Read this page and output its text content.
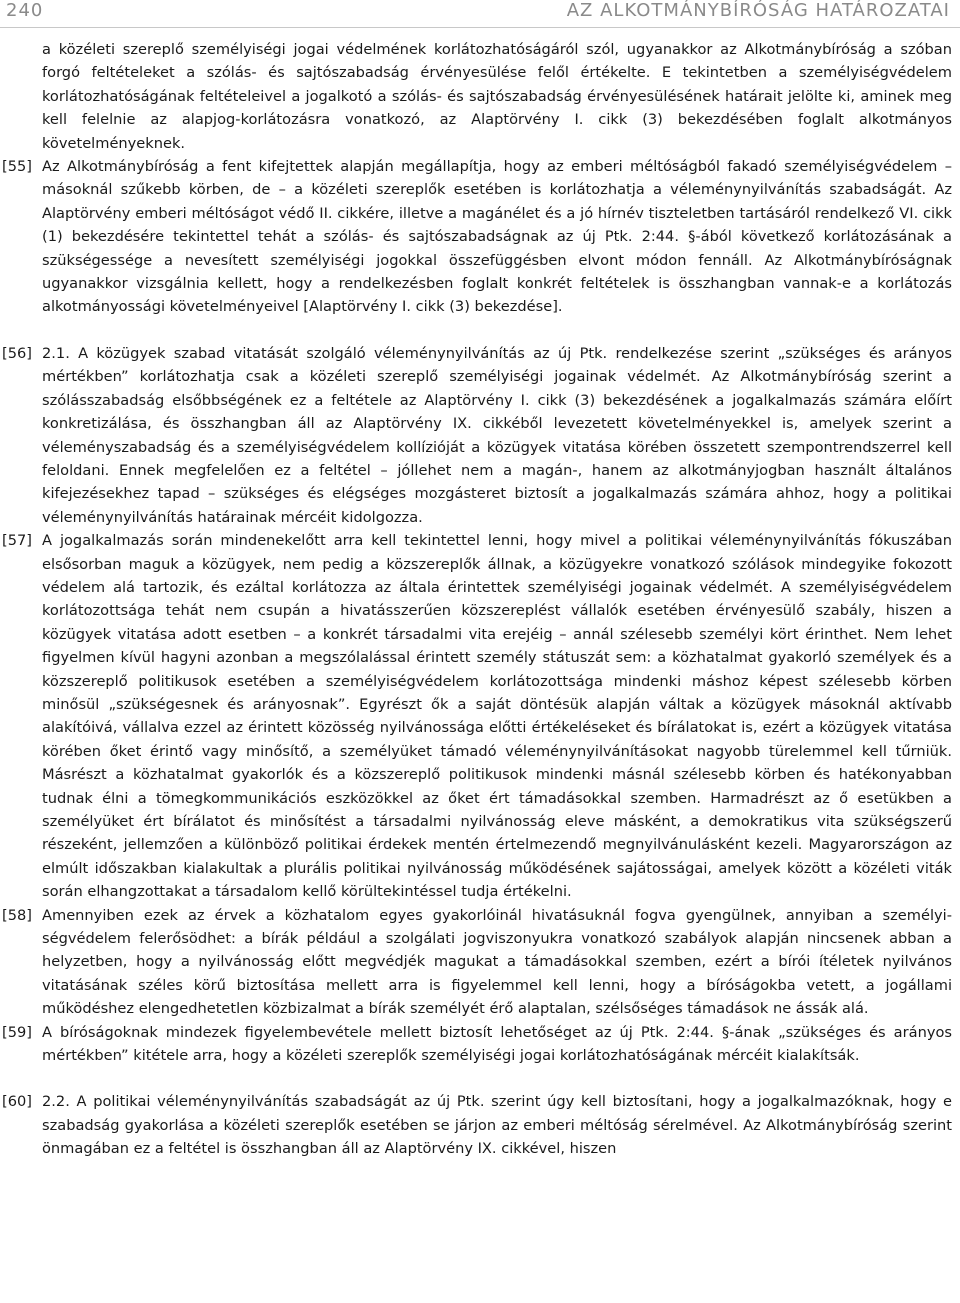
240	AZ ALKOTMÁNYBÍRÓSÁG HATÁROZATAI

a közéleti szereplő személyiségi jogai védelmének korlátozhatóságáról szól, ugyanakkor az Alkotmánybíróság a szóban forgó feltételeket a szólás- és sajtószabadság érvényesülése felől értékelte. E tekintetben a személyiségvédelem korlátozhatóságának feltételeivel a jogalkotó a szólás- és sajtószabadság érvényesülésének határait jelölte ki, aminek meg kell felelnie az alapjog-korlátozásra vonatkozó, az Alaptörvény I. cikk (3) bekezdésében foglalt alkotmányos követelményeknek.

[55] Az Alkotmánybíróság a fent kifejtettek alapján megállapítja, hogy az emberi méltóságból fakadó személyiségvédelem – másoknál szűkebb körben, de – a közéleti szereplők esetében is korlátozhatja a véleménynyilvánítás szabadságát. Az Alaptörvény emberi méltóságot védő II. cikkére, illetve a magánélet és a jó hírnév tiszteletben tartásáról rendelkező VI. cikk (1) bekezdésére tekintettel tehát a szólás- és sajtószabadságnak az új Ptk. 2:44. §-ából következő korlátozásának a szükségessége a nevesített személyiségi jogokkal összefüggésben elvont módon fennáll. Az Alkotmánybíróságnak ugyanakkor vizsgálnia kellett, hogy a rendelkezésben foglalt konkrét feltételek is összhangban vannak-e a korlátozás alkotmányossági követelményeivel [Alaptörvény I. cikk (3) bekezdése].

[56] 2.1. A közügyek szabad vitatását szolgáló véleménynyilvánítás az új Ptk. rendelkezése szerint „szükséges és arányos mértékben” korlátozhatja csak a közéleti szereplő személyiségi jogainak védelmét. Az Alkotmánybíróság szerint a szólásszabadság elsőbbségének ez a feltétele az Alaptörvény I. cikk (3) bekezdésének a jogalkalmazás számára előírt konkretizálása, és összhangban áll az Alaptörvény IX. cikkéből levezetett követelményekkel is, amelyek szerint a véleményszabadság és a személyiségvédelem kollízióját a közügyek vitatása körében összetett szempontrendszerrel kell feloldani. Ennek megfelelően ez a feltétel – jóllehet nem a magán-, hanem az alkotmányjogban használt általános kifejezésekhez tapad – szükséges és elégséges mozgásteret biztosít a jogalkalmazás számára ahhoz, hogy a politikai véleménynyilvánítás határainak mércéit kidolgozza.

[57] A jogalkalmazás során mindenekelőtt arra kell tekintettel lenni, hogy mivel a politikai véleménynyilvánítás fókuszában elsősorban maguk a közügyek, nem pedig a közszereplők állnak, a közügyekre vonatkozó szólások mindegyike fokozott védelem alá tartozik, és ezáltal korlátozza az általa érintettek személyiségi jogainak védelmét. A személyiségvédelem korlátozottsága tehát nem csupán a hivatásszerűen közszereplést vállalók esetében érvényesülő szabály, hiszen a közügyek vitatása adott esetben – a konkrét társadalmi vita erejéig – annál szélesebb személyi kört érinthet. Nem lehet figyelmen kívül hagyni azonban a megszólalással érintett személy státuszát sem: a közhatalmat gyakorló személyek és a közszereplő politikusok esetében a személyiségvédelem korlátozottsága mindenki máshoz képest szélesebb körben minősül „szükségesnek és arányosnak”. Egyrészt ők a saját döntésük alapján váltak a közügyek másoknál aktívabb alakítóivá, vállalva ezzel az érintett közösség nyilvánossága előtti értékeléseket és bírálatokat is, ezért a közügyek vitatása körében őket érintő vagy minősítő, a személyüket támadó véleménynyilvánításokat nagyobb türelemmel kell tűrniük. Másrészt a közhatalmat gyakorlók és a közszereplő politikusok mindenki másnál szélesebb körben és hatékonyabban tudnak élni a tömegkommunikációs eszközökkel az őket ért támadásokkal szemben. Harmadrészt az ő esetükben a személyüket ért bírálatot és minősítést a társadalmi nyilvánosság eleve másként, a demokratikus vita szükségszerű részeként, jellemzően a különböző politikai érdekek mentén értelmezendő megnyilvánulásként kezeli. Magyarországon az elmúlt időszakban kialakultak a plurális politikai nyilvánosság működésének sajátosságai, amelyek között a közéleti viták során elhangzottakat a társadalom kellő körültekintéssel tudja értékelni.

[58] Amennyiben ezek az érvek a közhatalom egyes gyakorlóinál hivatásuknál fogva gyengülnek, annyiban a személyiségvédelem felerősödhet: a bírák például a szolgálati jogviszonyukra vonatkozó szabályok alapján nincsenek abban a helyzetben, hogy a nyilvánosság előtt megvédjék magukat a támadásokkal szemben, ezért a bírói ítéletek nyilvános vitatásának széles körű biztosítása mellett arra is figyelemmel kell lenni, hogy a bíróságokba vetett, a jogállami működéshez elengedhetetlen közbizalmat a bírák személyét érő alaptalan, szélsőséges támadások ne ássák alá.

[59] A bíróságoknak mindezek figyelembevétele mellett biztosít lehetőséget az új Ptk. 2:44. §-ának „szükséges és arányos mértékben” kitétele arra, hogy a közéleti szereplők személyiségi jogai korlátozhatóságának mércéit kialakítsák.

[60] 2.2. A politikai véleménynyilvánítás szabadságát az új Ptk. szerint úgy kell biztosítani, hogy a jogalkalmazóknak, hogy e szabadság gyakorlása a közéleti szereplők esetében se járjon az emberi méltóság sérelmével. Az Alkotmánybíróság szerint önmagában ez a feltétel is összhangban áll az Alaptörvény IX. cikkével, hiszen
